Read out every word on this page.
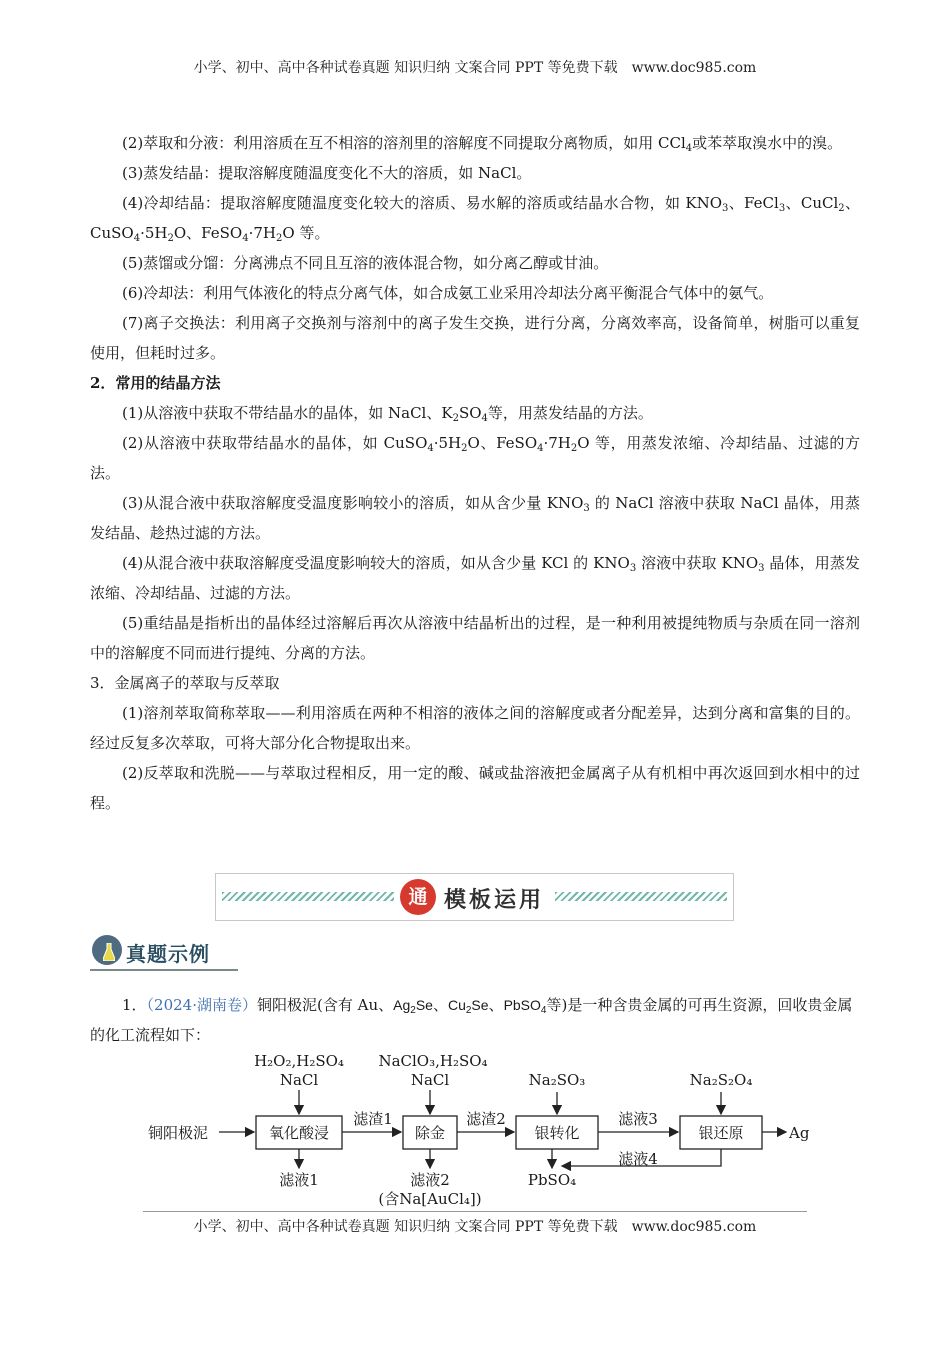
小学、初中、高中各种试卷真题 知识归纳 文案合同 PPT 等免费下载　www.doc985.com

(2)萃取和分液：利用溶质在互不相溶的溶剂里的溶解度不同提取分离物质，如用 CCl$_4$或苯萃取溴水中的溴。

(3)蒸发结晶：提取溶解度随温度变化不大的溶质，如 NaCl。

(4)冷却结晶：提取溶解度随温度变化较大的溶质、易水解的溶质或结晶水合物，如 $KNO_3$、FeCl$_3$、CuCl$_2$、$CuSO_4\cdot 5H_2O$、$FeSO_4\cdot 7H_2O$ 等。

(5)蒸馏或分馏：分离沸点不同且互溶的液体混合物，如分离乙醇或甘油。

(6)冷却法：利用气体液化的特点分离气体，如合成氨工业采用冷却法分离平衡混合气体中的氨气。

(7)离子交换法：利用离子交换剂与溶剂中的离子发生交换，进行分离，分离效率高，设备简单，树脂可以重复使用，但耗时过多。

2．常用的结晶方法

(1)从溶液中获取不带结晶水的晶体，如 NaCl、$K_2SO_4$等，用蒸发结晶的方法。

(2)从溶液中获取带结晶水的晶体，如 $CuSO_4\cdot 5H_2O$、$FeSO_4\cdot 7H_2O$ 等，用蒸发浓缩、冷却结晶、过滤的方法。

(3)从混合液中获取溶解度受温度影响较小的溶质，如从含少量 $KNO_3$ 的 NaCl 溶液中获取 NaCl 晶体，用蒸发结晶、趁热过滤的方法。

(4)从混合液中获取溶解度受温度影响较大的溶质，如从含少量 KCl 的 $KNO_3$ 溶液中获取 $KNO_3$ 晶体，用蒸发浓缩、冷却结晶、过滤的方法。

(5)重结晶是指析出的晶体经过溶解后再次从溶液中结晶析出的过程，是一种利用被提纯物质与杂质在同一溶剂中的溶解度不同而进行提纯、分离的方法。

3．金属离子的萃取与反萃取

(1)溶剂萃取简称萃取——利用溶质在两种不相溶的液体之间的溶解度或者分配差异，达到分离和富集的目的。经过反复多次萃取，可将大部分化合物提取出来。

(2)反萃取和洗脱——与萃取过程相反，用一定的酸、碱或盐溶液把金属离子从有机相中再次返回到水相中的过程。

通 模板运用
真题示例

1．（2024·湖南卷）铜阳极泥(含有 Au、$Ag_2Se$、$Cu_2Se$、PbSO$_4$等)是一种含贵金属的可再生资源，回收贵金属的化工流程如下：

铜阳极泥	氧化酸浸	除金	银转化	银还原	Ag
H₂O₂,H₂SO₄
NaCl
NaClO₃,H₂SO₄
NaCl	Na₂SO₃	Na₂S₂O₄
滤渣1	滤渣2	滤液3
滤液4
滤液1	滤液2
(含Na[AuCl₄])
PbSO₄
小学、初中、高中各种试卷真题 知识归纳 文案合同 PPT 等免费下载　www.doc985.com
